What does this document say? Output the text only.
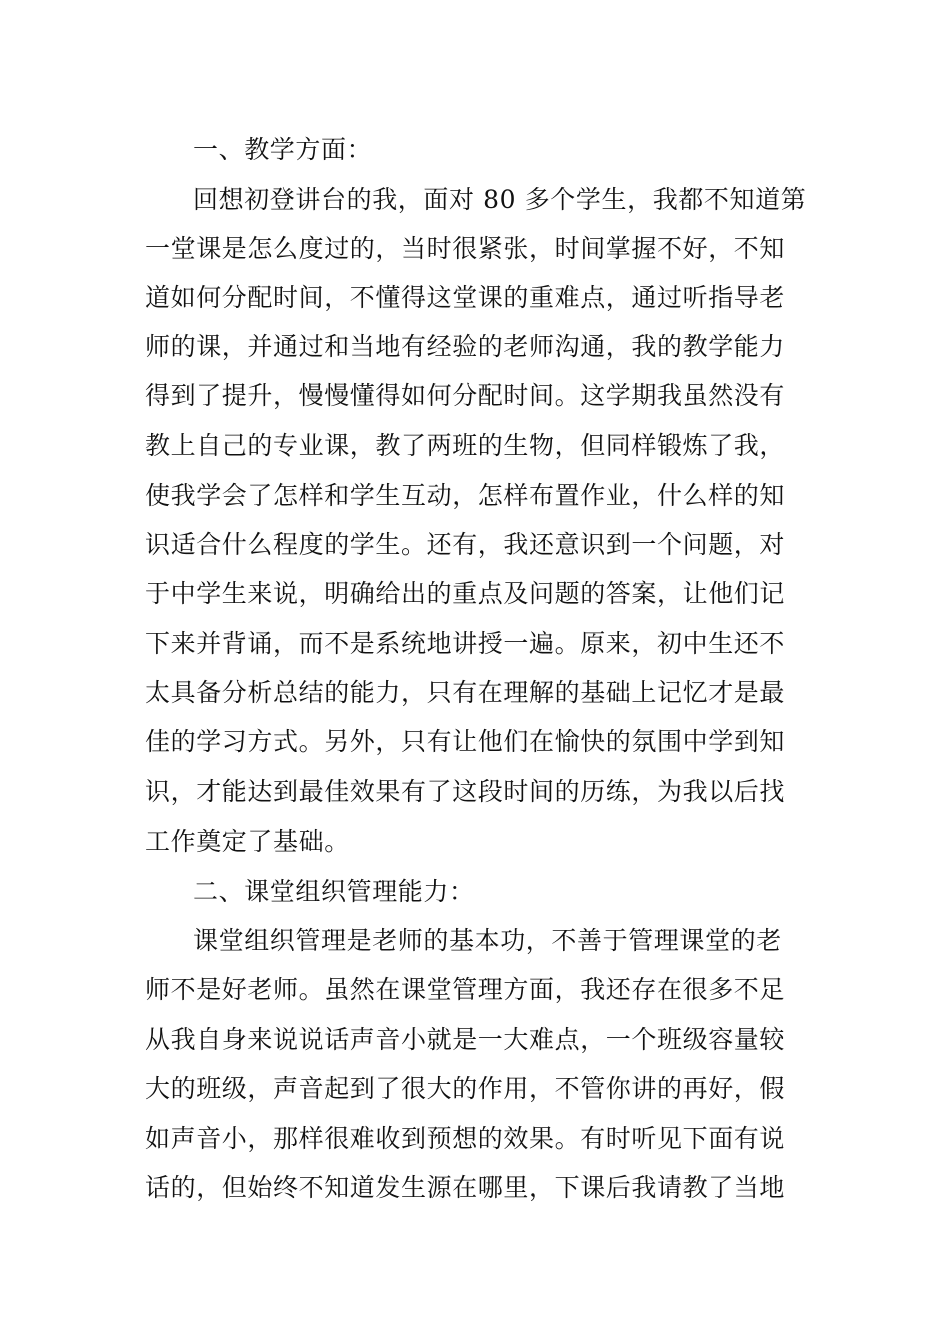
一、教学方面：

回想初登讲台的我，面对 80 多个学生，我都不知道第

一堂课是怎么度过的，当时很紧张，时间掌握不好，不知

道如何分配时间，不懂得这堂课的重难点，通过听指导老

师的课，并通过和当地有经验的老师沟通，我的教学能力

得到了提升，慢慢懂得如何分配时间。这学期我虽然没有

教上自己的专业课，教了两班的生物，但同样锻炼了我，

使我学会了怎样和学生互动，怎样布置作业，什么样的知

识适合什么程度的学生。还有，我还意识到一个问题，对

于中学生来说，明确给出的重点及问题的答案，让他们记

下来并背诵，而不是系统地讲授一遍。原来，初中生还不

太具备分析总结的能力，只有在理解的基础上记忆才是最

佳的学习方式。另外，只有让他们在愉快的氛围中学到知

识，才能达到最佳效果有了这段时间的历练，为我以后找

工作奠定了基础。

二、课堂组织管理能力：

课堂组织管理是老师的基本功，不善于管理课堂的老

师不是好老师。虽然在课堂管理方面，我还存在很多不足

从我自身来说说话声音小就是一大难点，一个班级容量较

大的班级，声音起到了很大的作用，不管你讲的再好，假

如声音小，那样很难收到预想的效果。有时听见下面有说

话的，但始终不知道发生源在哪里，下课后我请教了当地
